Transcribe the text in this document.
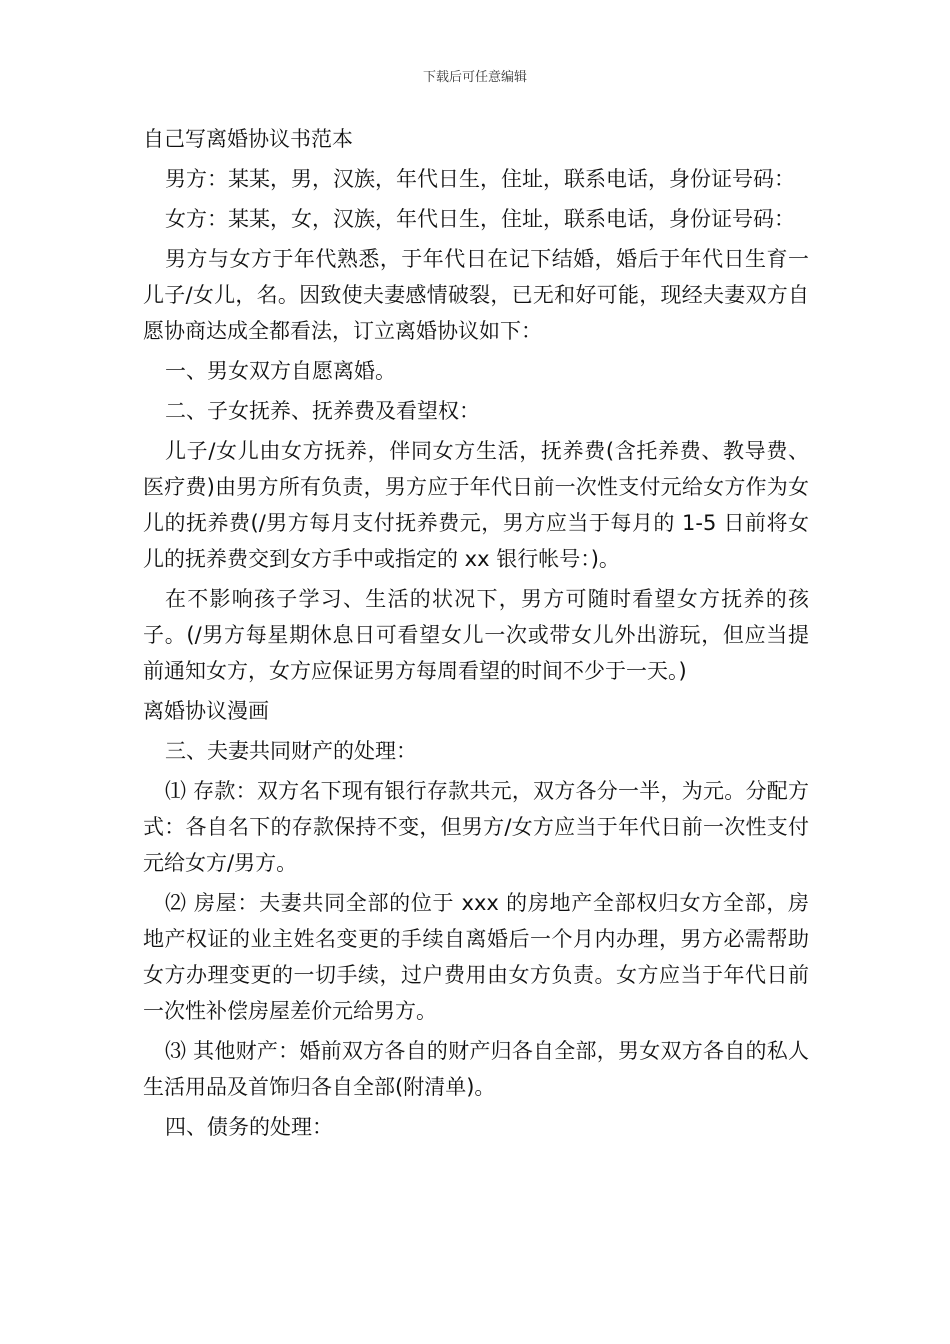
下载后可任意编辑
自己写离婚协议书范本

男方：某某，男，汉族，年代日生，住址，联系电话，身份证号码：

女方：某某，女，汉族，年代日生，住址，联系电话，身份证号码：

男方与女方于年代熟悉，于年代日在记下结婚，婚后于年代日生育一儿子/女儿，名。因致使夫妻感情破裂，已无和好可能，现经夫妻双方自愿协商达成全都看法，订立离婚协议如下：

一、男女双方自愿离婚。

二、子女抚养、抚养费及看望权：

儿子/女儿由女方抚养，伴同女方生活，抚养费(含托养费、教导费、医疗费)由男方所有负责，男方应于年代日前一次性支付元给女方作为女儿的抚养费(/男方每月支付抚养费元，男方应当于每月的 1-5 日前将女儿的抚养费交到女方手中或指定的 xx 银行帐号：)。

在不影响孩子学习、生活的状况下，男方可随时看望女方抚养的孩子。(/男方每星期休息日可看望女儿一次或带女儿外出游玩，但应当提前通知女方，女方应保证男方每周看望的时间不少于一天。)

离婚协议漫画

三、夫妻共同财产的处理：

⑴ 存款：双方名下现有银行存款共元，双方各分一半，为元。分配方式：各自名下的存款保持不变，但男方/女方应当于年代日前一次性支付元给女方/男方。

⑵ 房屋：夫妻共同全部的位于 xxx 的房地产全部权归女方全部，房地产权证的业主姓名变更的手续自离婚后一个月内办理，男方必需帮助女方办理变更的一切手续，过户费用由女方负责。女方应当于年代日前一次性补偿房屋差价元给男方。

⑶ 其他财产：婚前双方各自的财产归各自全部，男女双方各自的私人生活用品及首饰归各自全部(附清单)。

四、债务的处理：
